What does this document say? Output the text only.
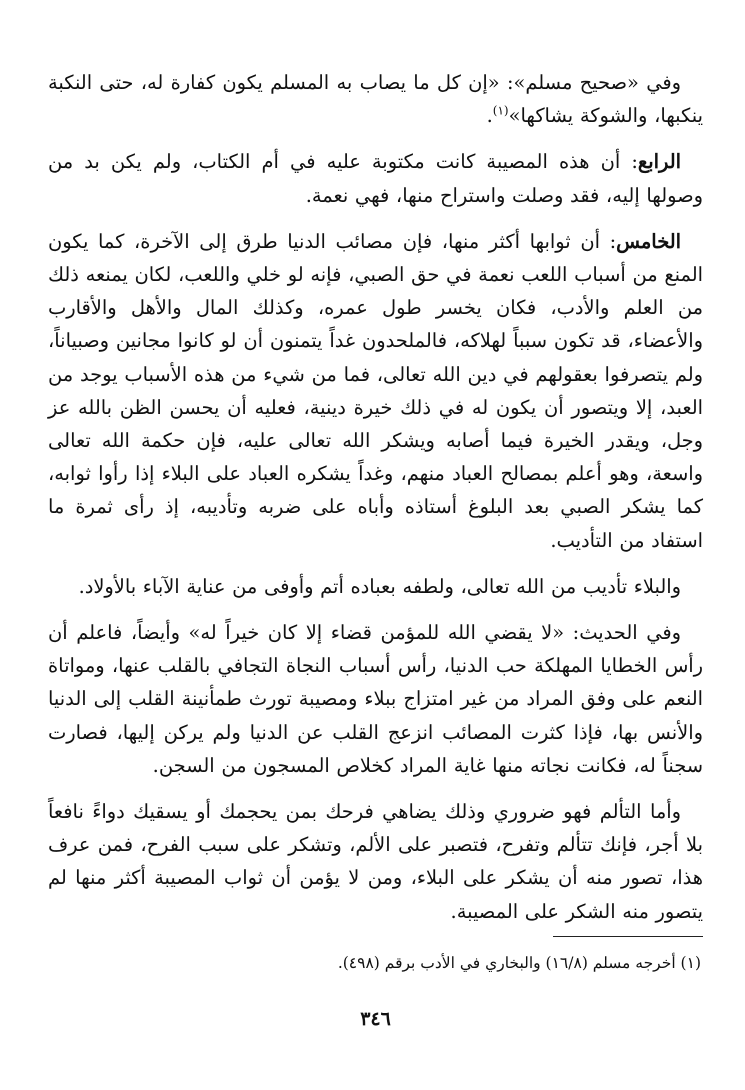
وفي «صحيح مسلم»: «إن كل ما يصاب به المسلم يكون كفارة له، حتى النكبة ينكبها، والشوكة يشاكها»$^{(١)}$.

الرابع: أن هذه المصيبة كانت مكتوبة عليه في أم الكتاب، ولم يكن بد من وصولها إليه، فقد وصلت واستراح منها، فهي نعمة.

الخامس: أن ثوابها أكثر منها، فإن مصائب الدنيا طرق إلى الآخرة، كما يكون المنع من أسباب اللعب نعمة في حق الصبي، فإنه لو خلي واللعب، لكان يمنعه ذلك من العلم والأدب، فكان يخسر طول عمره، وكذلك المال والأهل والأقارب والأعضاء، قد تكون سبباً لهلاكه، فالملحدون غداً يتمنون أن لو كانوا مجانين وصبياناً، ولم يتصرفوا بعقولهم في دين الله تعالى، فما من شيء من هذه الأسباب يوجد من العبد، إلا ويتصور أن يكون له في ذلك خيرة دينية، فعليه أن يحسن الظن بالله عز وجل، ويقدر الخيرة فيما أصابه ويشكر الله تعالى عليه، فإن حكمة الله تعالى واسعة، وهو أعلم بمصالح العباد منهم، وغداً يشكره العباد على البلاء إذا رأوا ثوابه، كما يشكر الصبي بعد البلوغ أستاذه وأباه على ضربه وتأديبه، إذ رأى ثمرة ما استفاد من التأديب.

والبلاء تأديب من الله تعالى، ولطفه بعباده أتم وأوفى من عناية الآباء بالأولاد.

وفي الحديث: «لا يقضي الله للمؤمن قضاء إلا كان خيراً له» وأيضاً، فاعلم أن رأس الخطايا المهلكة حب الدنيا، رأس أسباب النجاة التجافي بالقلب عنها، ومواتاة النعم على وفق المراد من غير امتزاج ببلاء ومصيبة تورث طمأنينة القلب إلى الدنيا والأنس بها، فإذا كثرت المصائب انزعج القلب عن الدنيا ولم يركن إليها، فصارت سجناً له، فكانت نجاته منها غاية المراد كخلاص المسجون من السجن.

وأما التألم فهو ضروري وذلك يضاهي فرحك بمن يحجمك أو يسقيك دواءً نافعاً بلا أجر، فإنك تتألم وتفرح، فتصبر على الألم، وتشكر على سبب الفرح، فمن عرف هذا، تصور منه أن يشكر على البلاء، ومن لا يؤمن أن ثواب المصيبة أكثر منها لم يتصور منه الشكر على المصيبة.

(١) أخرجه مسلم (١٦/٨) والبخاري في الأدب برقم (٤٩٨).
٣٤٦
